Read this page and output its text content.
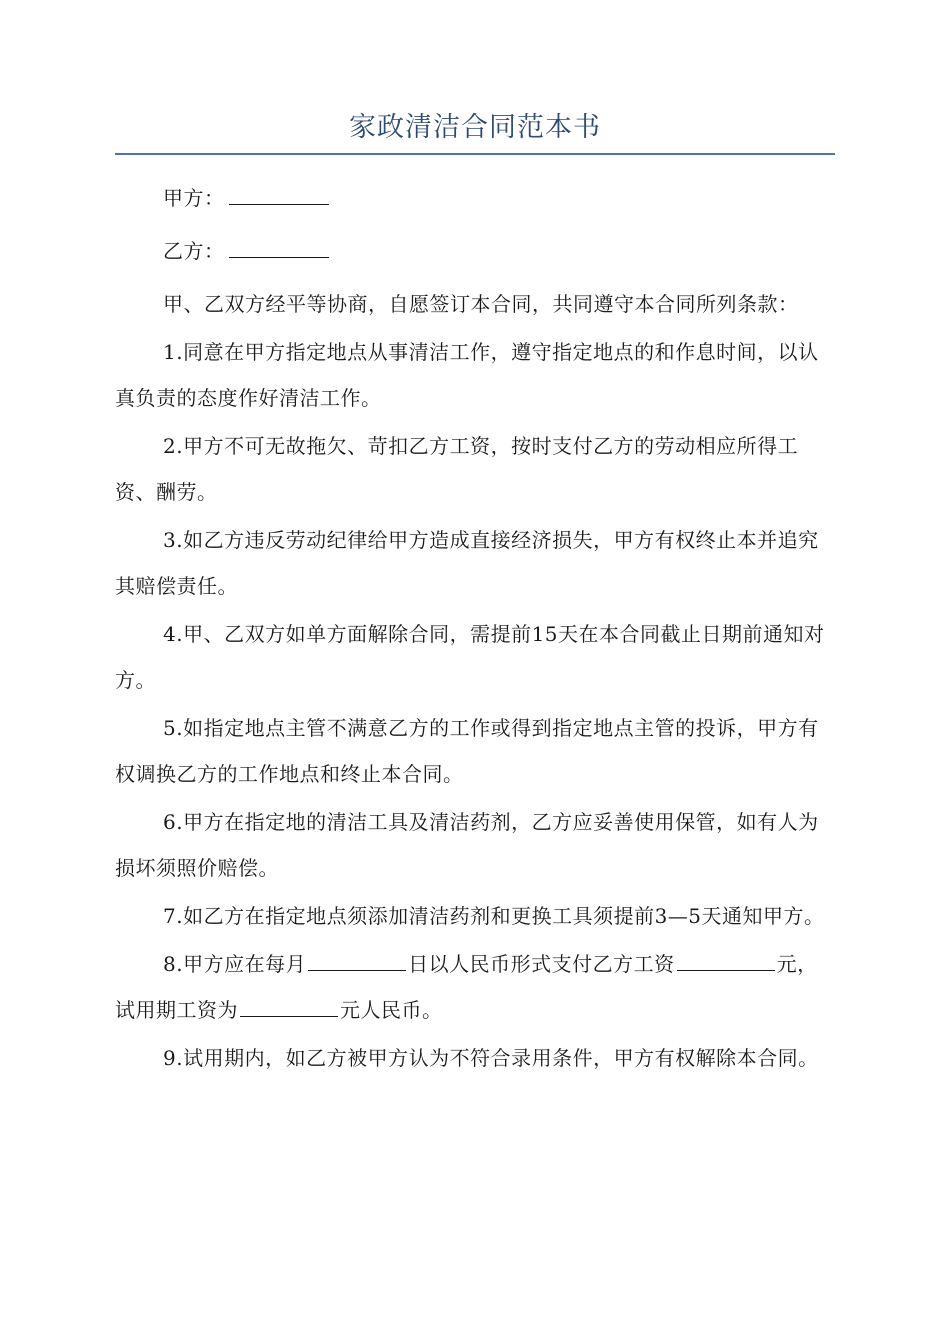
家政清洁合同范本书

甲方：

乙方：

甲、乙双方经平等协商，自愿签订本合同，共同遵守本合同所列条款：

1.同意在甲方指定地点从事清洁工作，遵守指定地点的和作息时间，以认真负责的态度作好清洁工作。

2.甲方不可无故拖欠、苛扣乙方工资，按时支付乙方的劳动相应所得工资、酬劳。

3.如乙方违反劳动纪律给甲方造成直接经济损失，甲方有权终止本并追究其赔偿责任。

4.甲、乙双方如单方面解除合同，需提前15天在本合同截止日期前通知对方。

5.如指定地点主管不满意乙方的工作或得到指定地点主管的投诉，甲方有权调换乙方的工作地点和终止本合同。

6.甲方在指定地的清洁工具及清洁药剂，乙方应妥善使用保管，如有人为损坏须照价赔偿。

7.如乙方在指定地点须添加清洁药剂和更换工具须提前3—5天通知甲方。

8.甲方应在每月	日以人民币形式支付乙方工资	元，试用期工资为	元人民币。

9.试用期内，如乙方被甲方认为不符合录用条件，甲方有权解除本合同。
